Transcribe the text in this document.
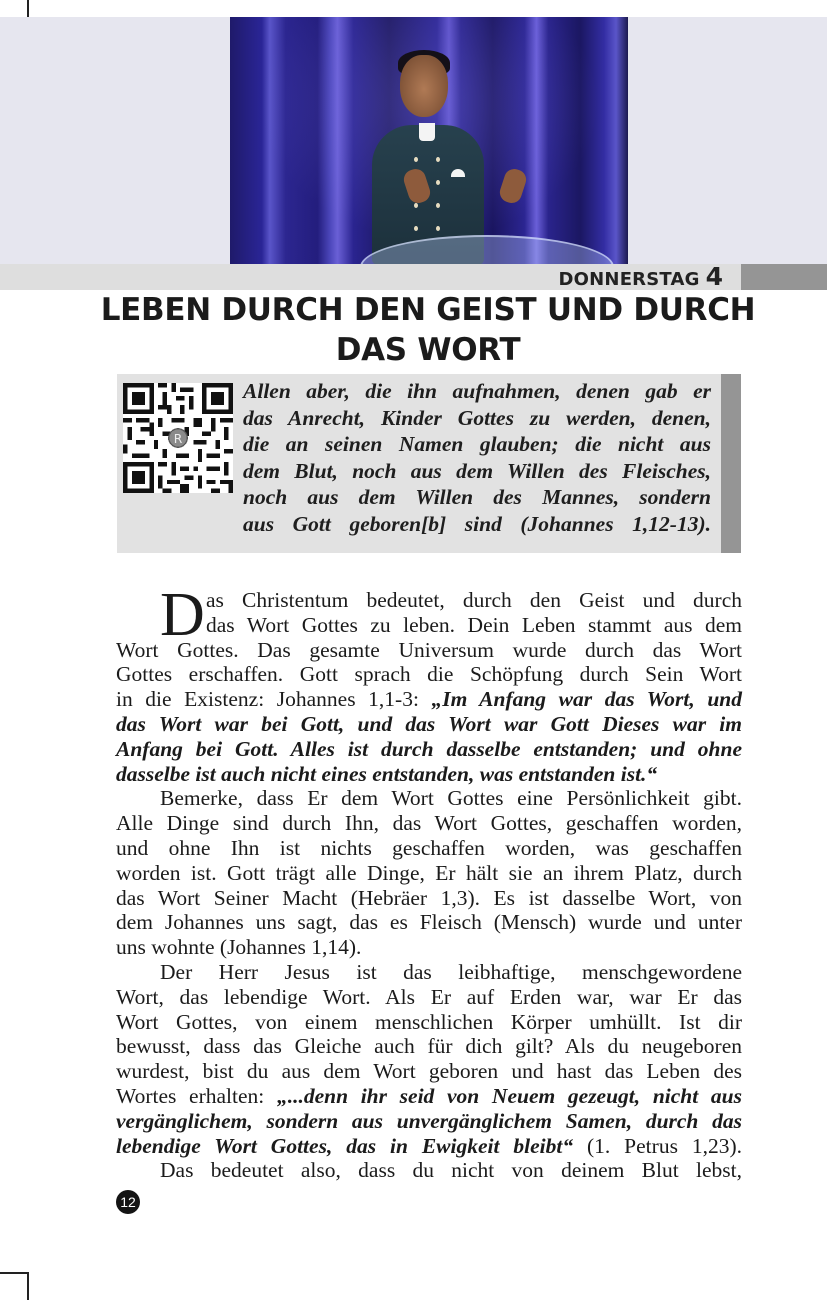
DONNERSTAG 4
LEBEN DURCH DEN GEIST UND DURCH
DAS WORT
R
Allen aber, die ihn aufnahmen, denen gab er
das Anrecht, Kinder Gottes zu werden, denen,
die an seinen Namen glauben; die nicht aus
dem Blut, noch aus dem Willen des Fleisches,
noch aus dem Willen des Mannes, sondern
aus Gott geboren[b] sind (Johannes 1,12-13).
D as Christentum bedeutet, durch den Geist und durch
das Wort Gottes zu leben. Dein Leben stammt aus dem
Wort Gottes. Das gesamte Universum wurde durch das Wort
Gottes erschaffen. Gott sprach die Schöpfung durch Sein Wort
in die Existenz: Johannes 1,1-3: „Im Anfang war das Wort, und
das Wort war bei Gott, und das Wort war Gott Dieses war im
Anfang bei Gott. Alles ist durch dasselbe entstanden; und ohne
dasselbe ist auch nicht eines entstanden, was entstanden ist.“
Bemerke, dass Er dem Wort Gottes eine Persönlichkeit gibt.
Alle Dinge sind durch Ihn, das Wort Gottes, geschaffen worden,
und ohne Ihn ist nichts geschaffen worden, was geschaffen
worden ist. Gott trägt alle Dinge, Er hält sie an ihrem Platz, durch
das Wort Seiner Macht (Hebräer 1,3). Es ist dasselbe Wort, von
dem Johannes uns sagt, das es Fleisch (Mensch) wurde und unter
uns wohnte (Johannes 1,14).
Der Herr Jesus ist das leibhaftige, menschgewordene
Wort, das lebendige Wort. Als Er auf Erden war, war Er das
Wort Gottes, von einem menschlichen Körper umhüllt. Ist dir
bewusst, dass das Gleiche auch für dich gilt? Als du neugeboren
wurdest, bist du aus dem Wort geboren und hast das Leben des
Wortes erhalten: „...denn ihr seid von Neuem gezeugt, nicht aus
vergänglichem, sondern aus unvergänglichem Samen, durch das
lebendige Wort Gottes, das in Ewigkeit bleibt“ (1. Petrus 1,23).
Das bedeutet also, dass du nicht von deinem Blut lebst,
12
